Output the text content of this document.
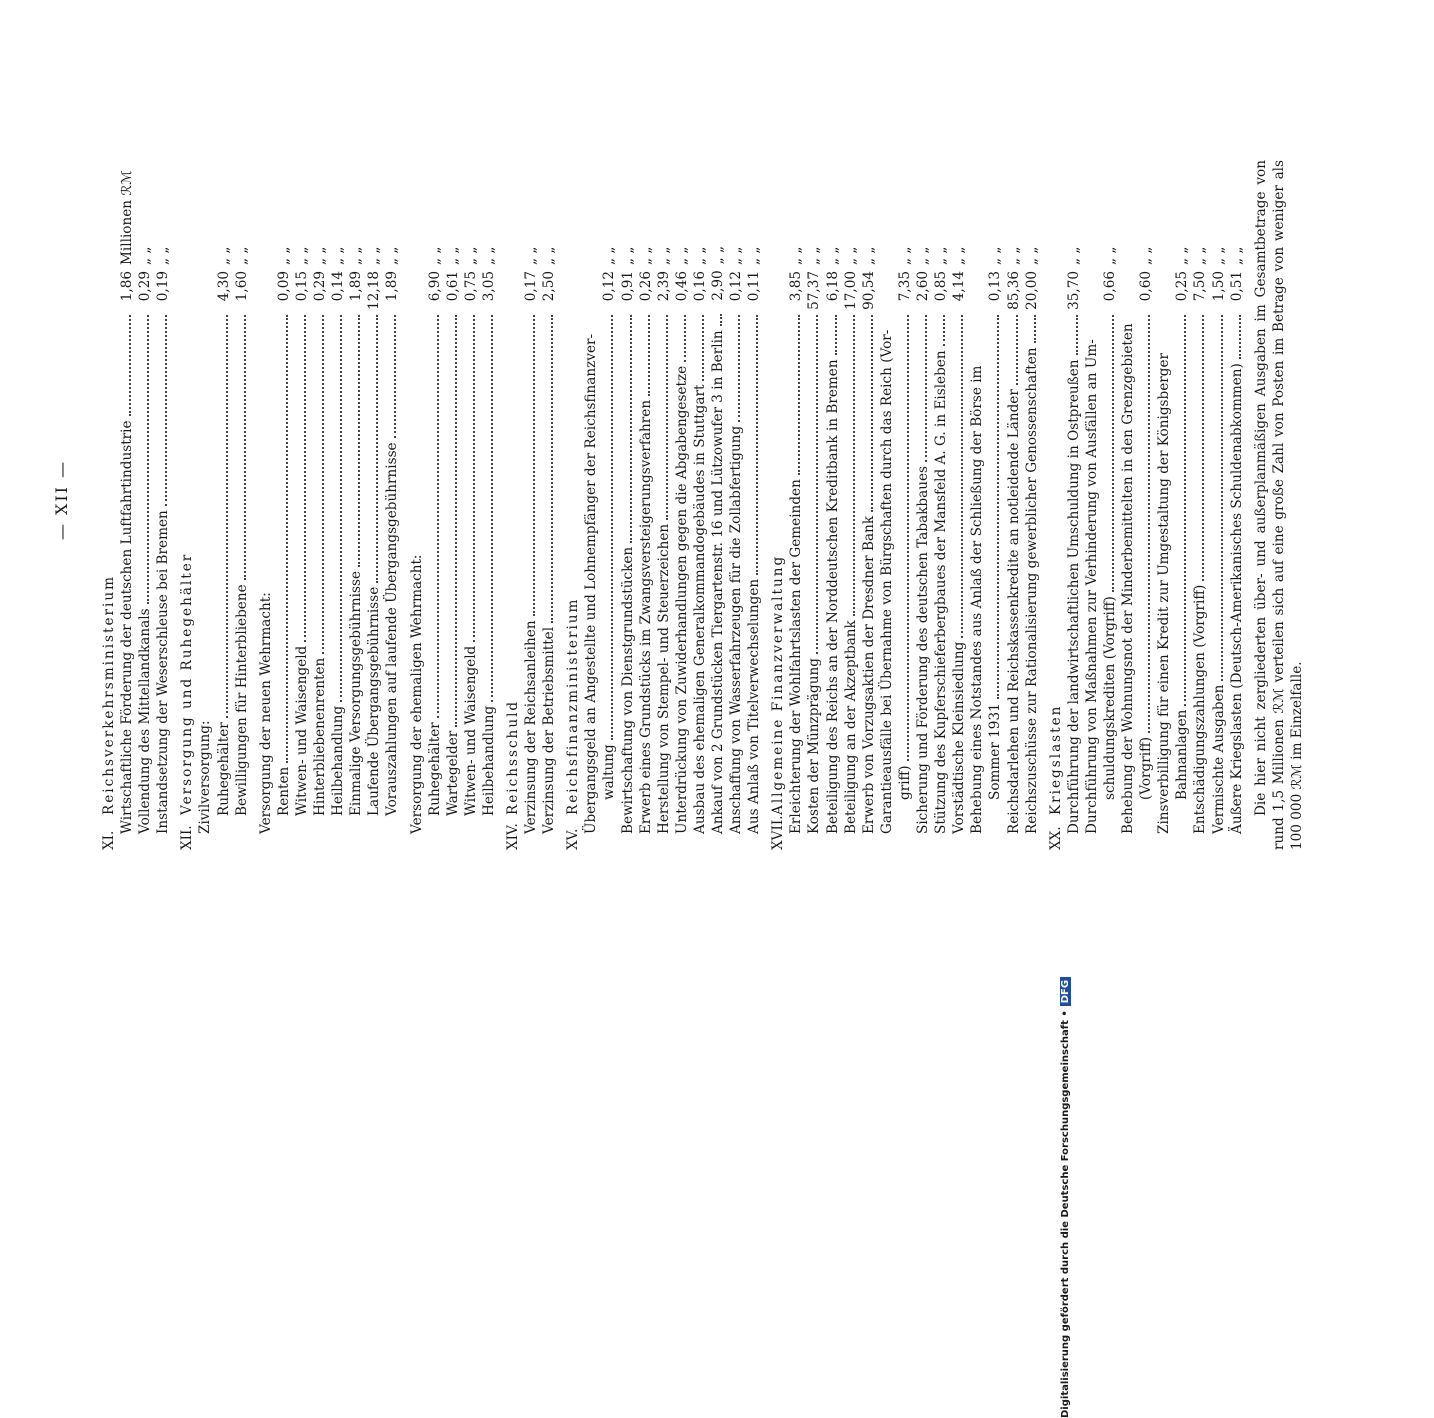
— XII —
XI.
Reichsverkehrsministerium Wirtschaftliche Förderung der deutschen Luftfahrtindustrie
1,86
Millionen ℛℳ
Vollendung des Mittellandkanals
0,29
„ „
Instandsetzung der Weserschleuse bei Bremen
0,19
„ „
XII.
Versorgung und Ruhegehälter Zivilversorgung: Ruhegehälter
4,30
„ „
Bewilligungen für Hinterbliebene
1,60
„ „
Versorgung der neuen Wehrmacht: Renten
0,09
„ „
Witwen- und Waisengeld
0,15
„ „
Hinterbliebenenrenten
0,29
„ „
Heilbehandlung
0,14
„ „
Einmalige Versorgungsgebührnisse
1,89
„ „
Laufende Übergangsgebührnisse
12,18
„ „
Vorauszahlungen auf laufende Übergangsgebührnisse
1,89
„ „
Versorgung der ehemaligen Wehrmacht: Ruhegehälter
6,90
„ „
Wartegelder
0,61
„ „
Witwen- und Waisengeld
0,75
„ „
Heilbehandlung
3,05
„ „
XIV.
Reichsschuld Verzinsung der Reichsanleihen
0,17
„ „
Verzinsung der Betriebsmittel
2,50
„ „
XV.
Reichsfinanzministerium Übergangsgeld an Angestellte und Lohnempfänger der Reichsfinanzver- waltung
0,12
„ „
Bewirtschaftung von Dienstgrundstücken
0,91
„ „
Erwerb eines Grundstücks im Zwangsversteigerungsverfahren
0,26
„ „
Herstellung von Stempel- und Steuerzeichen
2,39
„ „
Unterdrückung von Zuwiderhandlungen gegen die Abgabengesetze
0,46
„ „
Ausbau des ehemaligen Generalkommandogebäudes in Stuttgart
0,16
„ „
Ankauf von 2 Grundstücken Tiergartenstr. 16 und Lützowufer 3 in Berlin
2,90
„ „
Anschaffung von Wasserfahrzeugen für die Zollabfertigung
0,12
„ „
Aus Anlaß von Titelverwechselungen
0,11
„ „
XVII.
Allgemeine Finanzverwaltung Erleichterung der Wohlfahrtslasten der Gemeinden
3,85
„ „
Kosten der Münzprägung
57,37
„ „
Beteiligung des Reichs an der Norddeutschen Kreditbank in Bremen
6,18
„ „
Beteiligung an der Akzeptbank
17,00
„ „
Erwerb von Vorzugsaktien der Dresdner Bank
90,54
„ „
Garantieausfälle bei Übernahme von Bürgschaften durch das Reich (Vor- griff)
7,35
„ „
Sicherung und Förderung des deutschen Tabakbaues
2,60
„ „
Stützung des Kupferschieferbergbaues der Mansfeld A. G. in Eisleben
0,85
„ „
Vorstädtische Kleinsiedlung
4,14
„ „
Behebung eines Notstandes aus Anlaß der Schließung der Börse im Sommer 1931
0,13
„ „
Reichsdarlehen und Reichskassenkredite an notleidende Länder
85,36
„ „
Reichszuschüsse zur Rationalisierung gewerblicher Genossenschaften
20,00
„ „
XX.
Kriegslasten Durchführung der landwirtschaftlichen Umschuldung in Ostpreußen
35,70
„ „
Durchführung von Maßnahmen zur Verhinderung von Ausfällen an Um- schuldungskrediten (Vorgriff)
0,66
„ „
Behebung der Wohnungsnot der Minderbemittelten in den Grenzgebieten (Vorgriff)
0,60
„ „
Zinsverbilligung für einen Kredit zur Umgestaltung der Königsberger Bahnanlagen
0,25
„ „
Entschädigungszahlungen (Vorgriff)
7,50
„ „
Vermischte Ausgaben
1,50
„ „
Äußere Kriegslasten (Deutsch-Amerikanisches Schuldenabkommen)
0,51
„ „ Die hier nicht zergliederten über- und außerplanmäßigen Ausgaben im Gesamtbetrage von rund 1,5 Millionen ℛℳ verteilen sich auf eine große Zahl von Posten im Betrage von weniger als 100 000 ℛℳ im Einzelfalle.
Digitalisierung gefördert durch die Deutsche Forschungsgemeinschaft •DFG
